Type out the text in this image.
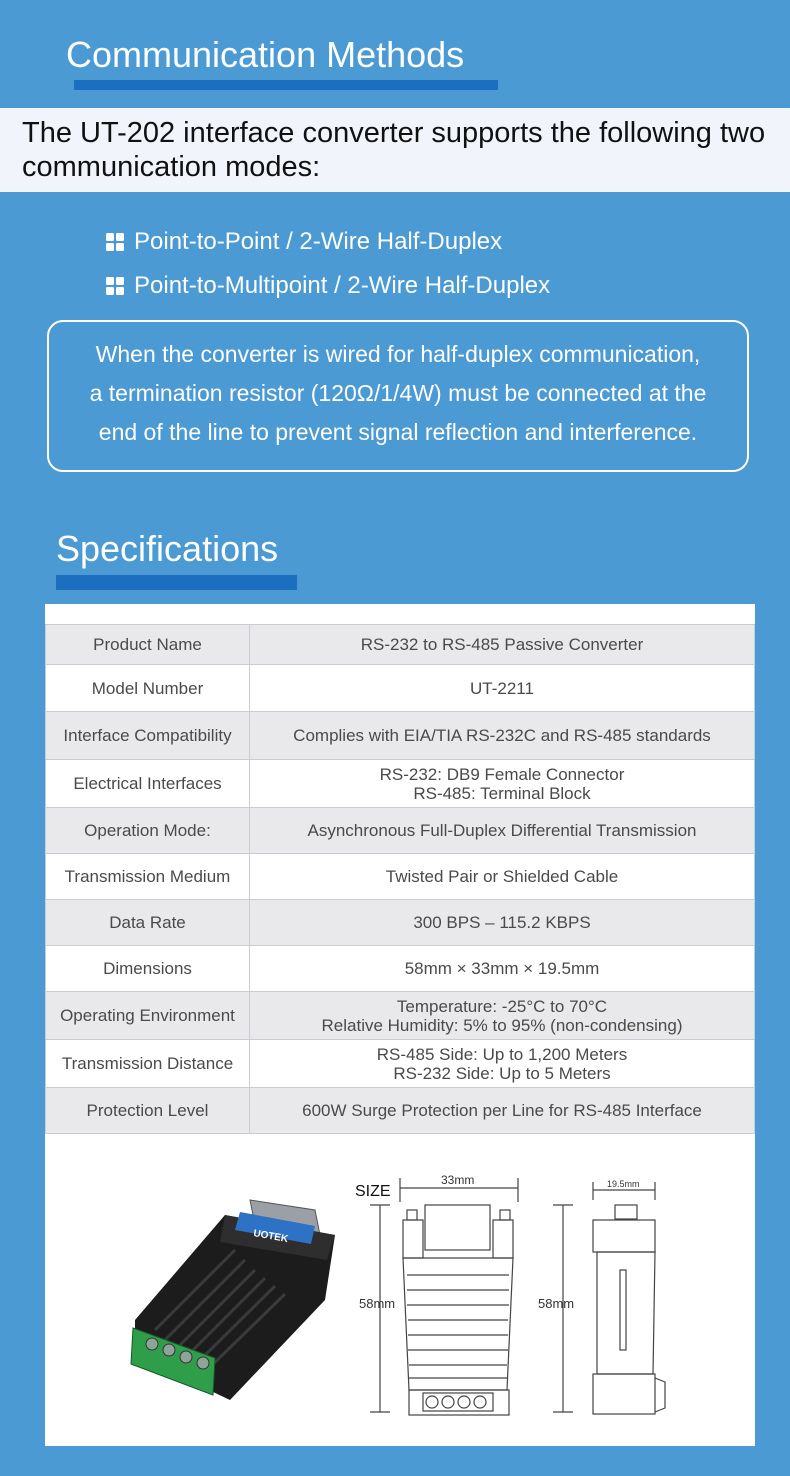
Communication Methods
The UT-202 interface converter supports the following two communication modes:
Point-to-Point / 2-Wire Half-Duplex
Point-to-Multipoint / 2-Wire Half-Duplex
When the converter is wired for half-duplex communication,
a termination resistor (120Ω/1/4W) must be connected at the
end of the line to prevent signal reflection and interference.
Specifications
Product Name	RS-232 to RS-485 Passive Converter

Model Number	UT-2211

Interface Compatibility	Complies with EIA/TIA RS-232C and RS-485 standards

Electrical Interfaces	RS-232: DB9 Female Connector
RS-485: Terminal Block

Operation Mode:	Asynchronous Full-Duplex Differential Transmission

Transmission Medium	Twisted Pair or Shielded Cable

Data Rate	300 BPS – 115.2 KBPS

Dimensions	58mm × 33mm × 19.5mm

Operating Environment	Temperature: -25°C to 70°C
Relative Humidity: 5% to 95% (non-condensing)

Transmission Distance	RS-485 Side: Up to 1,200 Meters
RS-232 Side: Up to 5 Meters

Protection Level	600W Surge Protection per Line for RS-485 Interface
UOTEK
SIZE
33mm
58mm
19.5mm
58mm
